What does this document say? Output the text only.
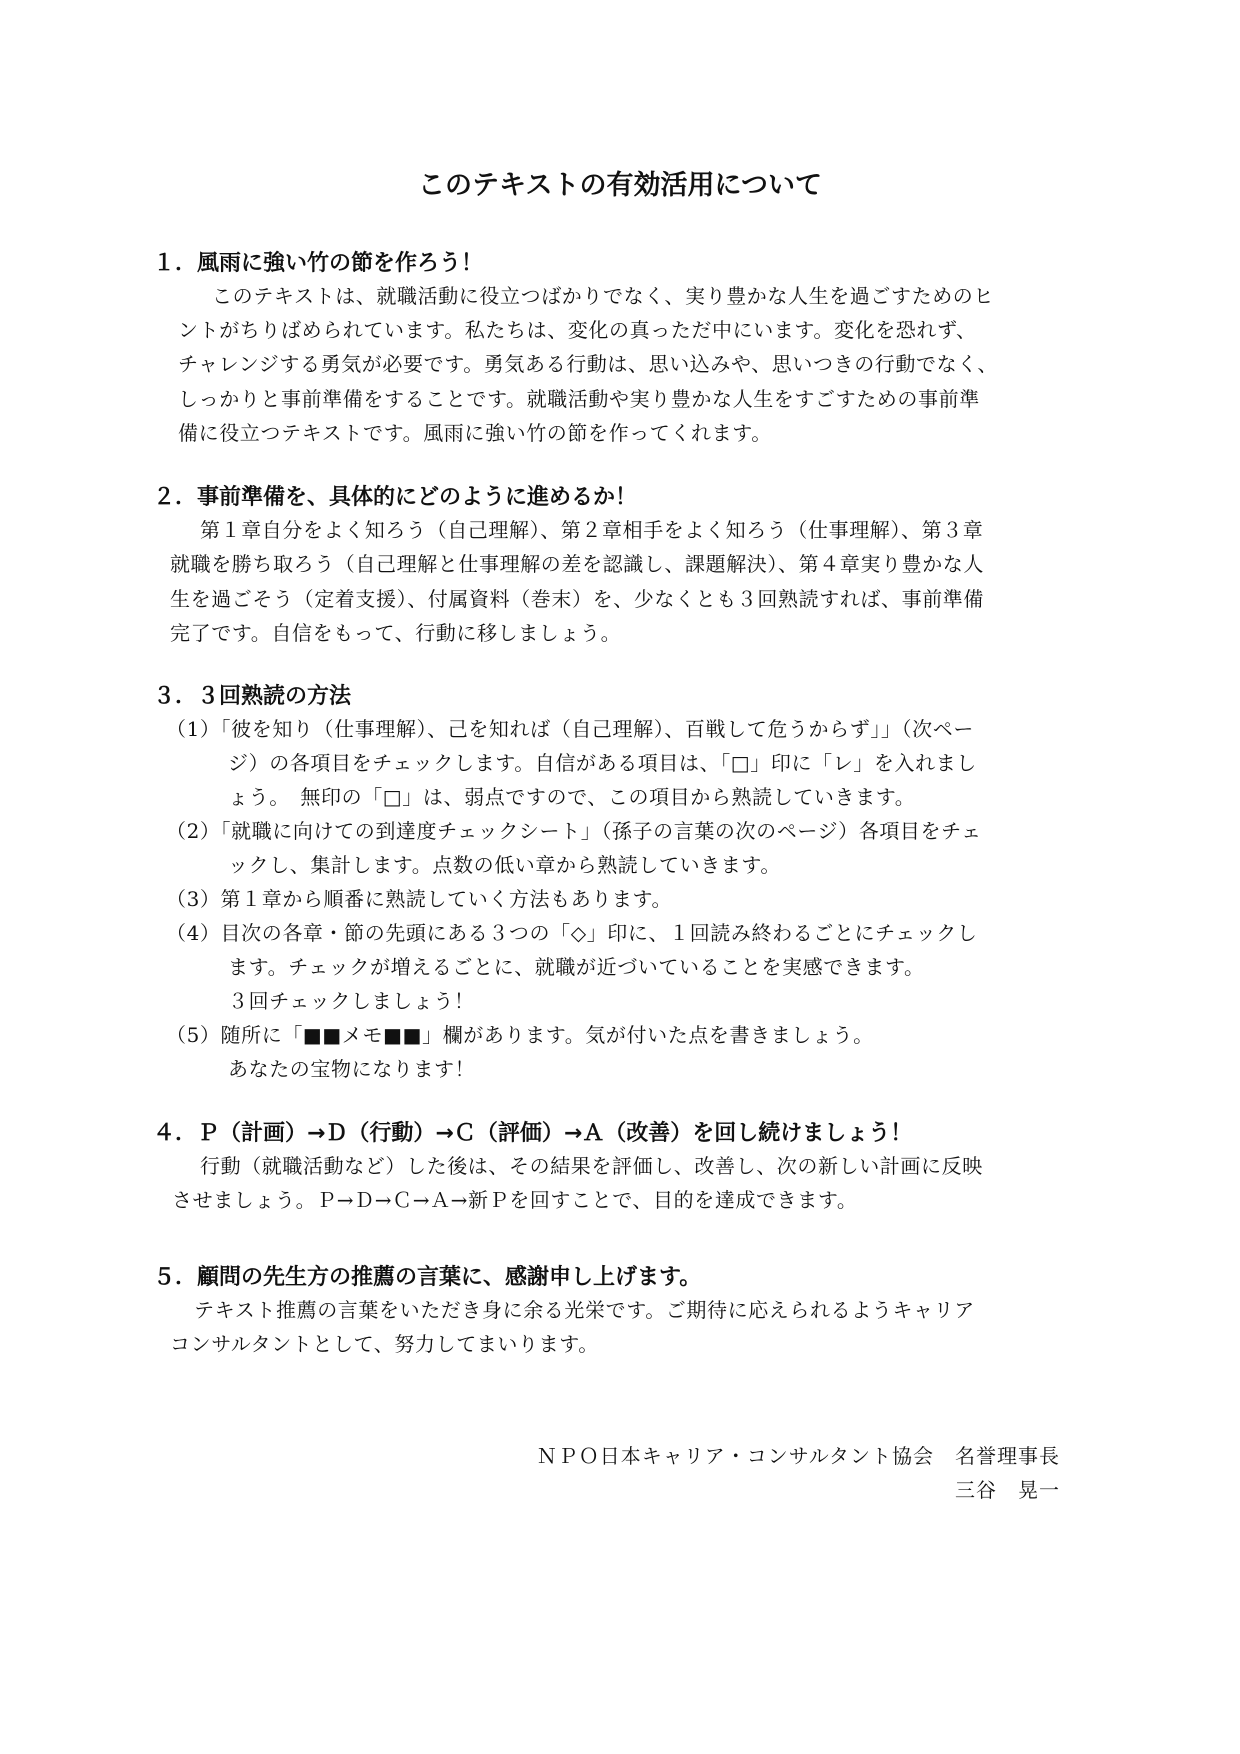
このテキストの有効活用について
１．風雨に強い竹の節を作ろう！
このテキストは、就職活動に役立つばかりでなく、実り豊かな人生を過ごすためのヒ
ントがちりばめられています。私たちは、変化の真っただ中にいます。変化を恐れず、
チャレンジする勇気が必要です。勇気ある行動は、思い込みや、思いつきの行動でなく、
しっかりと事前準備をすることです。就職活動や実り豊かな人生をすごすための事前準
備に役立つテキストです。風雨に強い竹の節を作ってくれます。
２．事前準備を、具体的にどのように進めるか！
第１章自分をよく知ろう（自己理解）、第２章相手をよく知ろう（仕事理解）、第３章
就職を勝ち取ろう（自己理解と仕事理解の差を認識し、課題解決）、第４章実り豊かな人
生を過ごそう（定着支援）、付属資料（巻末）を、少なくとも３回熟読すれば、事前準備
完了です。自信をもって、行動に移しましょう。
３．３回熟読の方法
（1）「彼を知り（仕事理解）、己を知れば（自己理解）、百戦して危うからず」」（次ペー
ジ）の各項目をチェックします。自信がある項目は、「□」印に「レ」を入れまし
ょう。　無印の「□」は、弱点ですので、この項目から熟読していきます。
（2）「就職に向けての到達度チェックシート」（孫子の言葉の次のページ）各項目をチェ
ックし、集計します。点数の低い章から熟読していきます。
（3）第１章から順番に熟読していく方法もあります。
（4）目次の各章・節の先頭にある３つの「◇」印に、１回読み終わるごとにチェックし
ます。チェックが増えるごとに、就職が近づいていることを実感できます。
３回チェックしましょう！
（5）随所に「■■メモ■■」欄があります。気が付いた点を書きましょう。
あなたの宝物になります！
４．Ｐ（計画）→Ｄ（行動）→Ｃ（評価）→Ａ（改善）を回し続けましょう！
行動（就職活動など）した後は、その結果を評価し、改善し、次の新しい計画に反映
させましょう。Ｐ→Ｄ→Ｃ→Ａ→新Ｐを回すことで、目的を達成できます。
５．顧問の先生方の推薦の言葉に、感謝申し上げます。
テキスト推薦の言葉をいただき身に余る光栄です。ご期待に応えられるようキャリア
コンサルタントとして、努力してまいります。
ＮＰＯ日本キャリア・コンサルタント協会　名誉理事長
三谷　晃一
